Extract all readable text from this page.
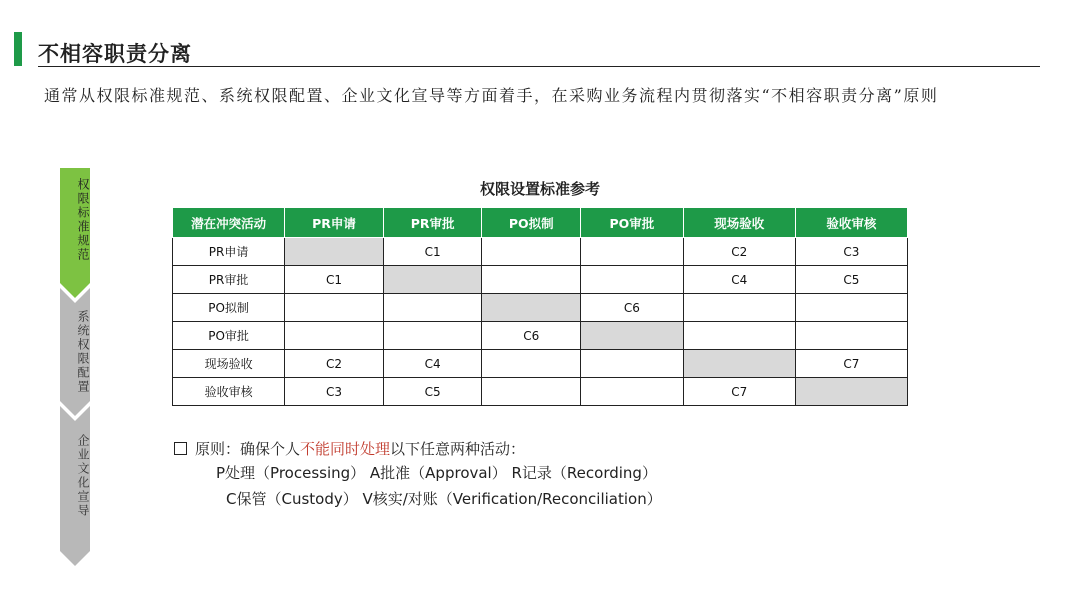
不相容职责分离
通常从权限标准规范、系统权限配置、企业文化宣导等方面着手，在采购业务流程内贯彻落实“不相容职责分离”原则
权限标准规范
系统权限配置
企业文化宣导
权限设置标准参考
潜在冲突活动	PR申请	PR审批	PO拟制	PO审批	现场验收	验收审核
PR申请		C1			C2	C3
PR审批	C1				C4	C5
PO拟制				C6		
PO审批			C6			
现场验收	C2	C4				C7
验收审核	C3	C5			C7	
原则：确保个人不能同时处理以下任意两种活动：
P处理（Processing） A批准（Approval） R记录（Recording）
C保管（Custody） V核实/对账（Verification/Reconciliation）
